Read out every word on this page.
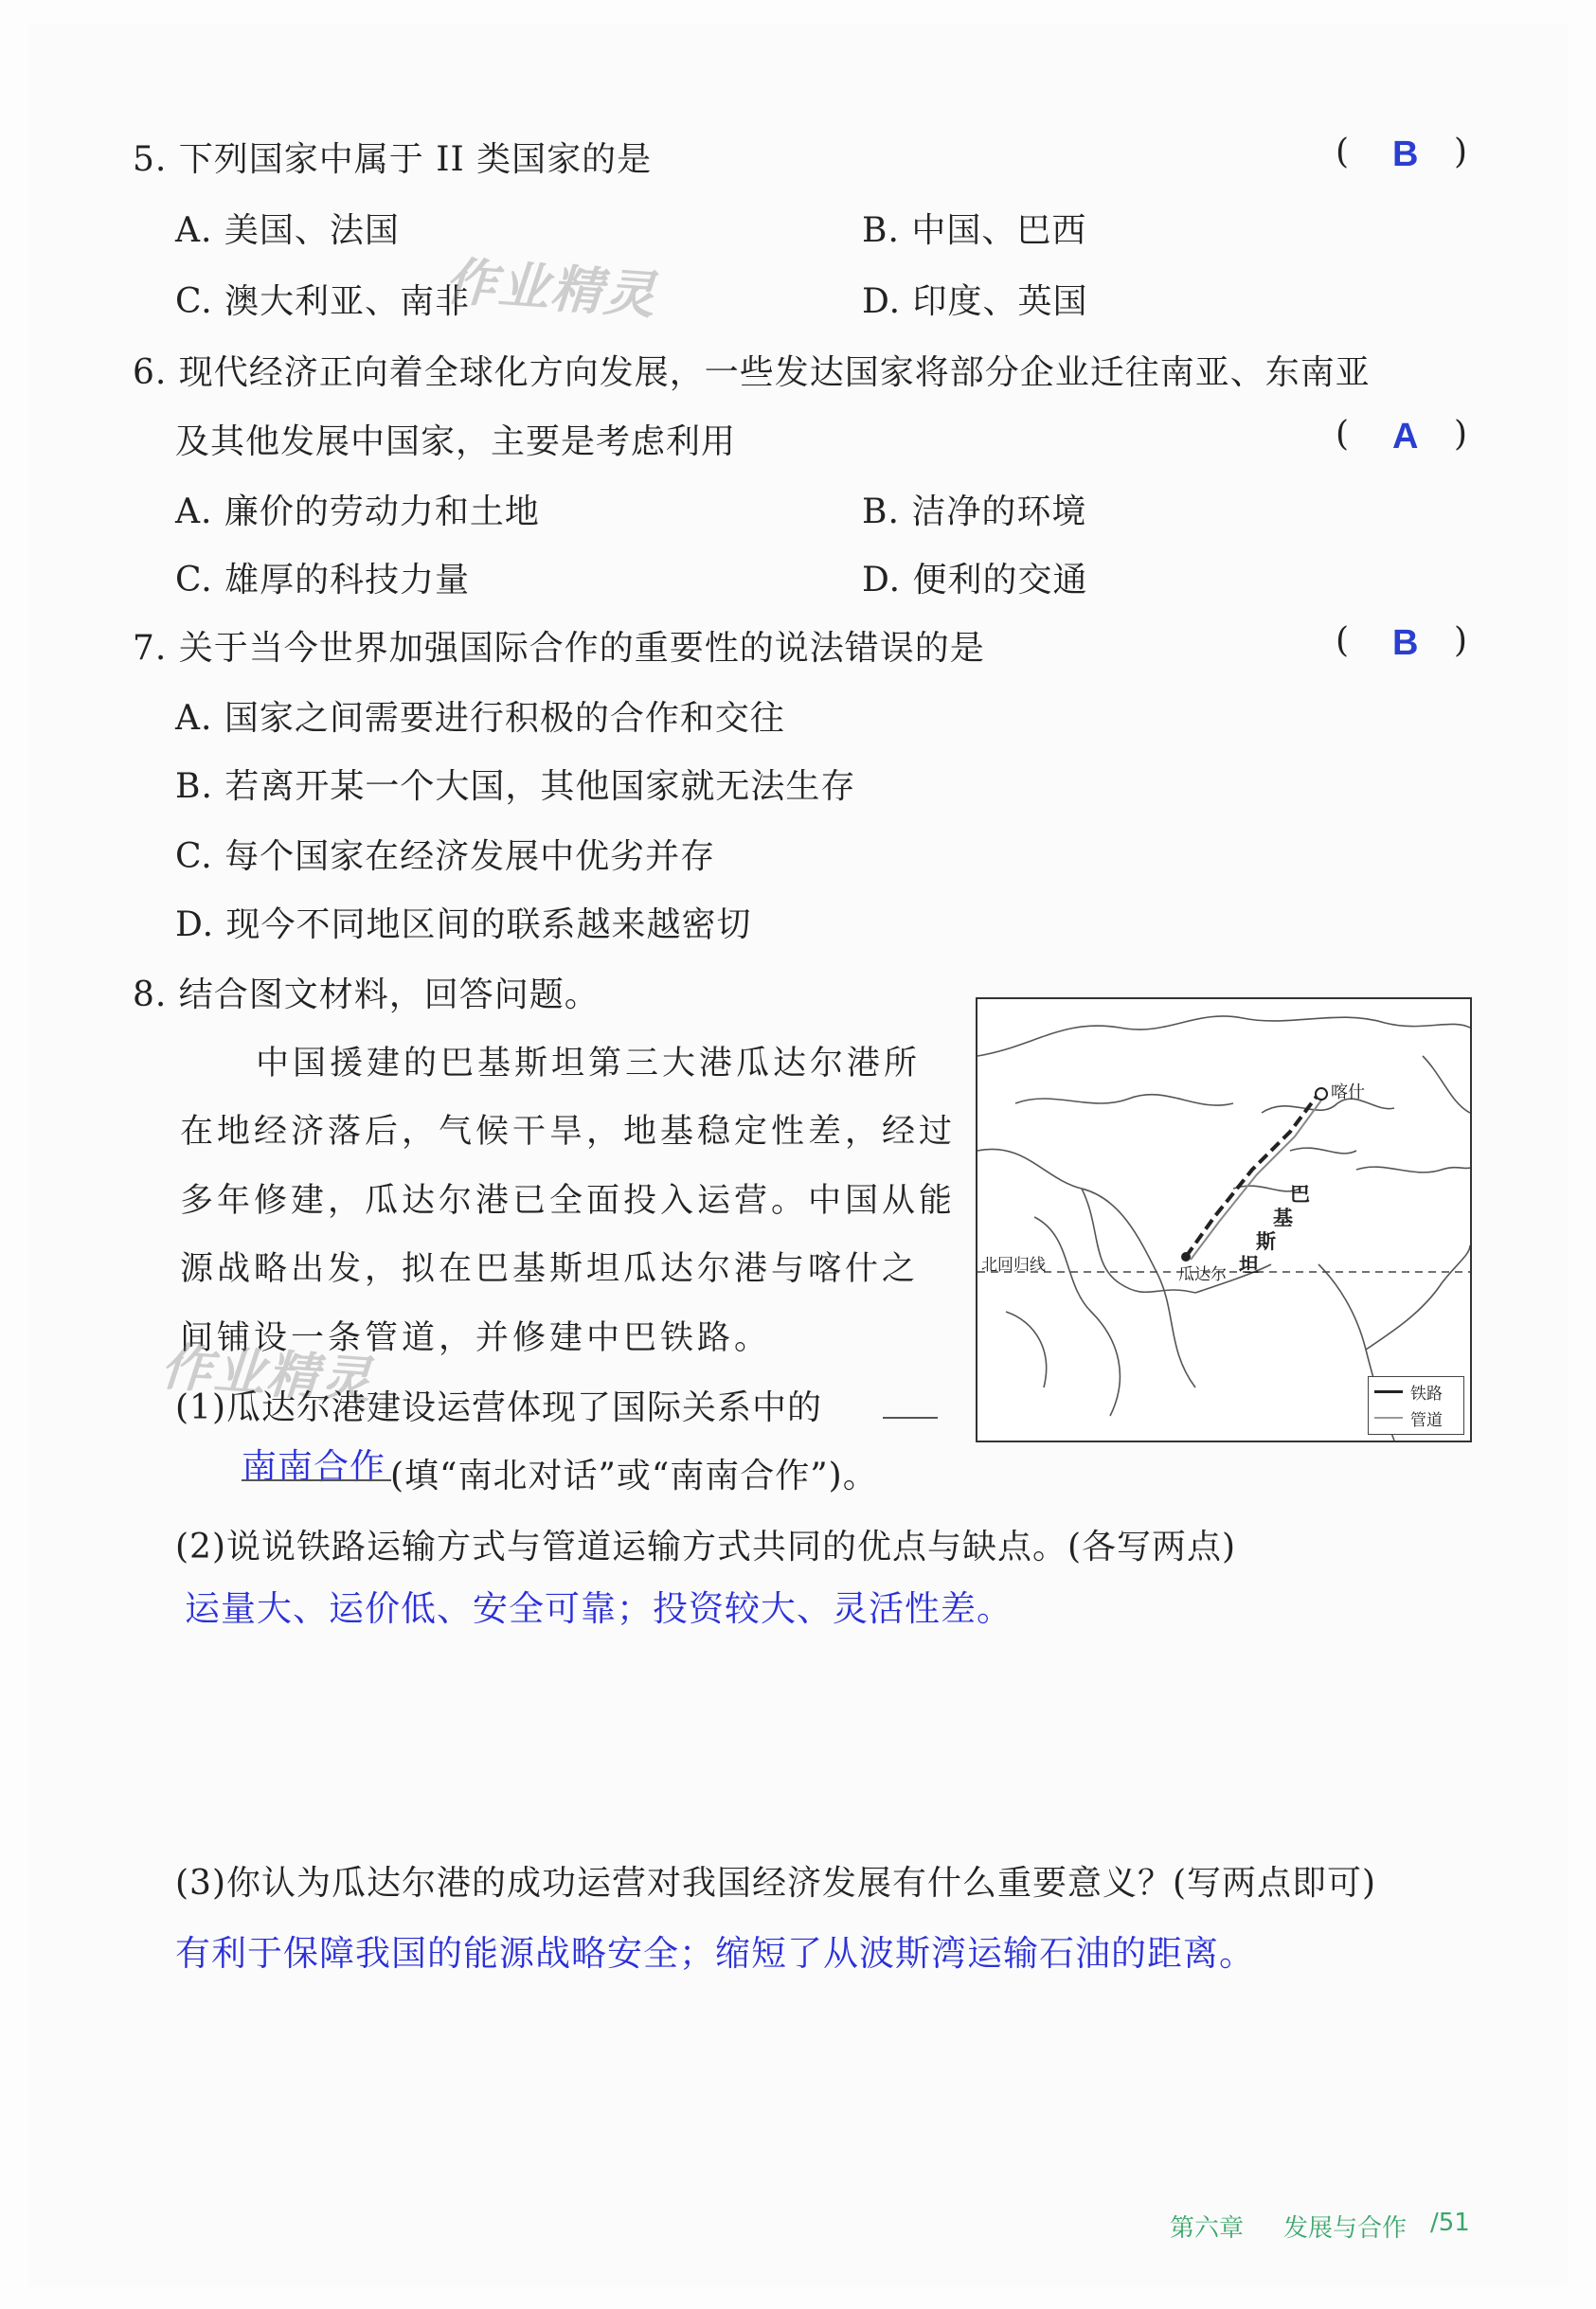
5. 下列国家中属于 II 类国家的是	( B )
A. 美国、法国	B. 中国、巴西
C. 澳大利亚、南非	D. 印度、英国
作业精灵
6. 现代经济正向着全球化方向发展，一些发达国家将部分企业迁往南亚、东南亚
及其他发展中国家，主要是考虑利用	( A )
A. 廉价的劳动力和土地	B. 洁净的环境
C. 雄厚的科技力量	D. 便利的交通
7. 关于当今世界加强国际合作的重要性的说法错误的是	( B )
A. 国家之间需要进行积极的合作和交往
B. 若离开某一个大国，其他国家就无法生存
C. 每个国家在经济发展中优劣并存
D. 现今不同地区间的联系越来越密切
8. 结合图文材料，回答问题。
中国援建的巴基斯坦第三大港瓜达尔港所
在地经济落后，气候干旱，地基稳定性差，经过
多年修建，瓜达尔港已全面投入运营。中国从能
源战略出发，拟在巴基斯坦瓜达尔港与喀什之
间铺设一条管道，并修建中巴铁路。
喀什
瓜达尔
北回归线
巴
基
斯
坦
铁路
管道
作业精灵
(1)瓜达尔港建设运营体现了国际关系中的
南南合作 (填“南北对话”或“南南合作”)。
(2)说说铁路运输方式与管道运输方式共同的优点与缺点。(各写两点)
运量大、运价低、安全可靠；投资较大、灵活性差。
(3)你认为瓜达尔港的成功运营对我国经济发展有什么重要意义？(写两点即可)
有利于保障我国的能源战略安全；缩短了从波斯湾运输石油的距离。
第六章 发展与合作 /51
